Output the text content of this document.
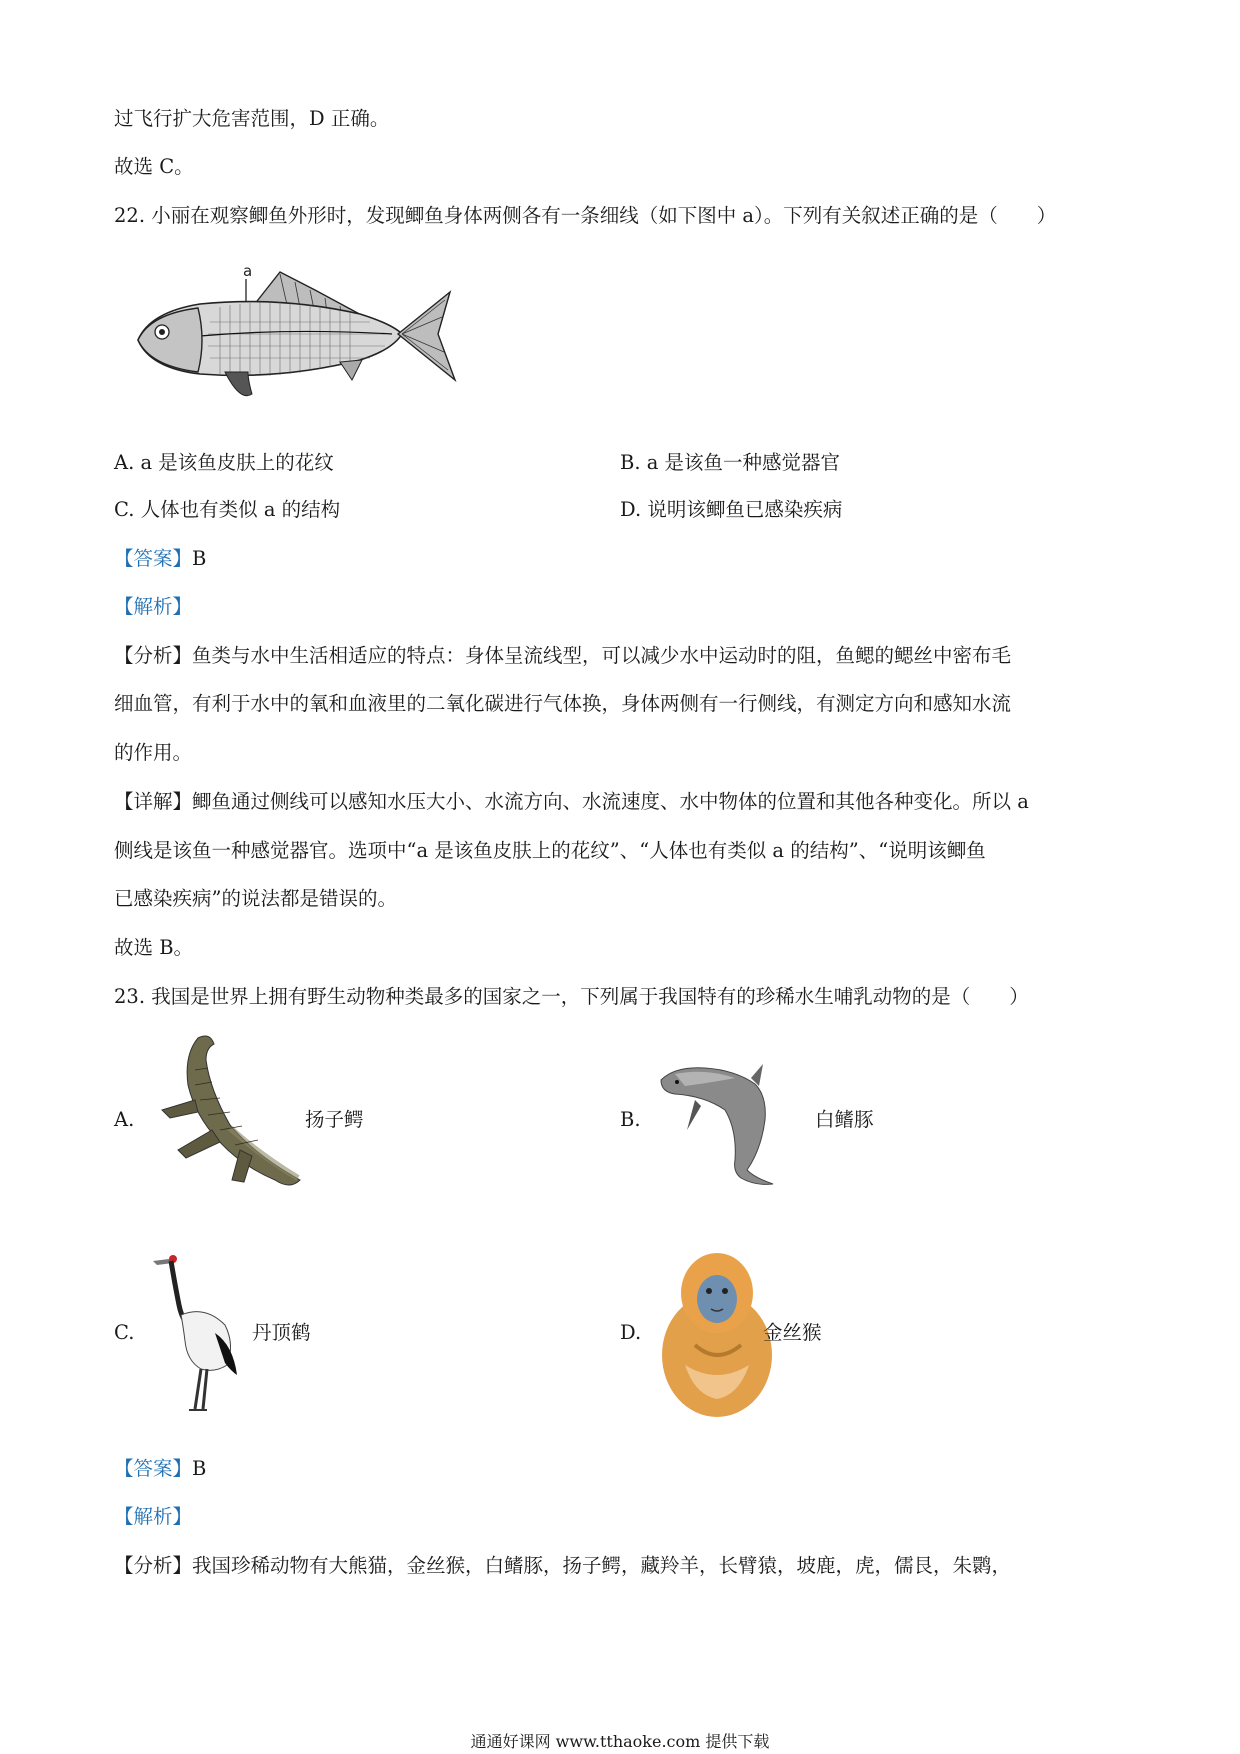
过飞行扩大危害范围，D 正确。
故选 C。
22. 小丽在观察鲫鱼外形时，发现鲫鱼身体两侧各有一条细线（如下图中 a）。下列有关叙述正确的是（　　）
a
A. a 是该鱼皮肤上的花纹	B. a 是该鱼一种感觉器官
C. 人体也有类似 a 的结构	D. 说明该鲫鱼已感染疾病
【答案】B
【解析】
【分析】鱼类与水中生活相适应的特点：身体呈流线型，可以减少水中运动时的阻，鱼鳃的鳃丝中密布毛
细血管，有利于水中的氧和血液里的二氧化碳进行气体换，身体两侧有一行侧线，有测定方向和感知水流
的作用。
【详解】鲫鱼通过侧线可以感知水压大小、水流方向、水流速度、水中物体的位置和其他各种变化。所以 a
侧线是该鱼一种感觉器官。选项中“a 是该鱼皮肤上的花纹”、“人体也有类似 a 的结构”、“说明该鲫鱼
已感染疾病”的说法都是错误的。
故选 B。
23. 我国是世界上拥有野生动物种类最多的国家之一，下列属于我国特有的珍稀水生哺乳动物的是（　　）
A.	扬子鳄	B.	白鳍豚
C.	丹顶鹤	D.	金丝猴
【答案】B
【解析】
【分析】我国珍稀动物有大熊猫，金丝猴，白鳍豚，扬子鳄，藏羚羊，长臂猿，坡鹿，虎，儒艮，朱鹮，
通通好课网 www.tthaoke.com 提供下载
